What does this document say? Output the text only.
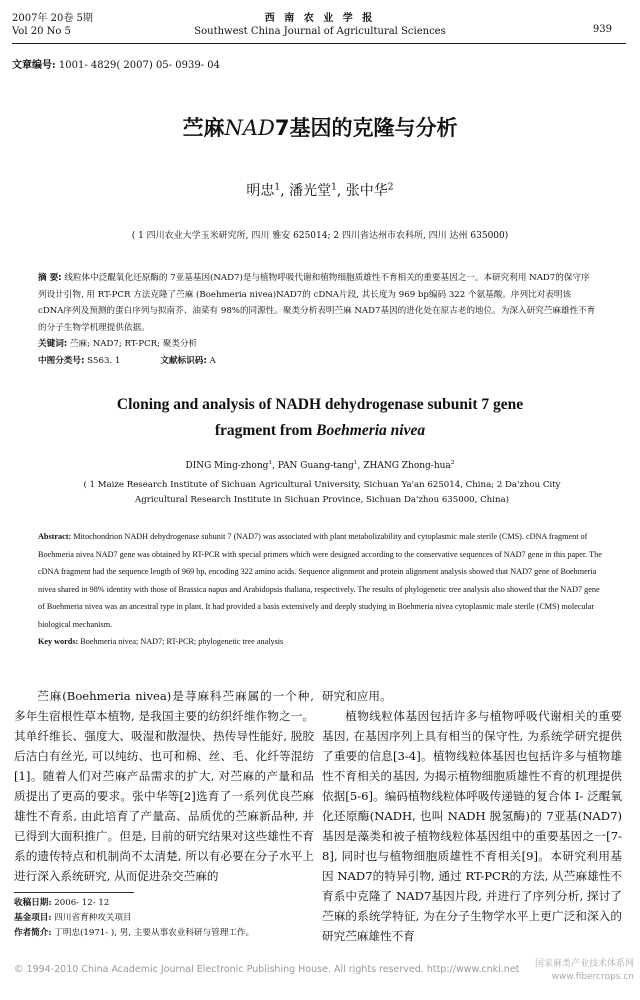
2007年 20卷 5期
Vol 20 No 5
西 南 农 业 学 报
Southwest China Journal of Agricultural Sciences	939
文章编号: 1001- 4829( 2007) 05- 0939- 04
苎麻NAD7基因的克隆与分析
明忠$^1$, 潘光堂$^1$, 张中华$^2$
( 1 四川农业大学玉米研究所, 四川 雅安 625014; 2 四川省达州市农科所, 四川 达州 635000)
摘 要: 线粒体中泛醌氧化还原酶的 7亚基基因(NAD7)是与植物呼吸代谢和植物细胞质雄性不育相关的重要基因之一。本研究利用 NAD7的保守序列设计引物, 用 RT-PCR 方法克隆了苎麻 (Boehmeria nivea)NAD7的 cDNA片段, 其长度为 969 bp编码 322 个氨基酸。序列比对表明该 cDNA序列及预测的蛋白序列与拟南芥、油菜有 98%的同源性。聚类分析表明苎麻 NAD7基因的进化处在原古老的地位。为深入研究苎麻雄性不育的分子生物学机理提供依据。
关键词: 苎麻; NAD7; RT-PCR; 聚类分析
中图分类号: S563. 1	文献标识码: A
Cloning and analysis of NADH dehydrogenase subunit 7 gene
fragment from Boehmeria nivea
DING Ming-zhong$^1$, PAN Guang-tang$^1$, ZHANG Zhong-hua$^2$
( 1 Maize Research Institute of Sichuan Agricultural University, Sichuan Ya'an 625014, China; 2 Da'zhou City Agricultural Research Institute in Sichuan Province, Sichuan Da'zhou 635000, China)
Abstract: Mitochondrion NADH dehydrogenase subunit 7 (NAD7) was associated with plant metabolizability and cytoplasmic male sterile (CMS). cDNA fragment of Boehmeria nivea NAD7 gene was obtained by RT-PCR with special primers which were designed according to the conservative sequences of NAD7 gene in this paper. The cDNA fragment had the sequence length of 969 bp, encoding 322 amino acids. Sequence alignment and protein alignment analysis showed that NAD7 gene of Boehmeria nivea shared in 98% identity with those of Brassica napus and Arabidopsis thaliana, respectively. The results of phylogenetic tree analysis also showed that the NAD7 gene of Boehmeria nivea was an ancestral type in plant. It had provided a basis extensively and deeply studying in Boehmeria nivea cytoplasmic male sterile (CMS) molecular biological mechanism.
Key words: Boehmeria nivea; NAD7; RT-PCR; phylogenetic tree analysis

苎麻(Boehmeria nivea)是荨麻科苎麻属的一个种, 多年生宿根性草本植物, 是我国主要的纺织纤维作物之一。其单纤维长、强度大、吸湿和散湿快、热传导性能好, 脱胶后洁白有丝光, 可以纯纺、也可和棉、丝、毛、化纤等混纺[1]。随着人们对苎麻产品需求的扩大, 对苎麻的产量和品质提出了更高的要求。张中华等[2]选育了一系列优良苎麻雄性不育系, 由此培育了产量高、品质优的苎麻新品种, 并已得到大面积推广。但是, 目前的研究结果对这些雄性不育系的遗传特点和机制尚不太清楚, 所以有必要在分子水平上进行深入系统研究, 从而促进杂交苎麻的

研究和应用。

植物线粒体基因包括许多与植物呼吸代谢相关的重要基因, 在基因序列上具有相当的保守性, 为系统学研究提供了重要的信息[3-4]。植物线粒体基因也包括许多与植物雄性不育相关的基因, 为揭示植物细胞质雄性不育的机理提供依据[5-6]。编码植物线粒体呼吸传递链的复合体 I- 泛醌氧化还原酶(NADH, 也叫 NADH 脱氢酶)的 7亚基(NAD7)基因是藻类和被子植物线粒体基因组中的重要基因之一[7-8], 同时也与植物细胞质雄性不育相关[9]。本研究利用基因 NAD7的特异引物, 通过 RT-PCR的方法, 从苎麻雄性不育系中克隆了 NAD7基因片段, 并进行了序列分析, 探讨了苎麻的系统学特征, 为在分子生物学水平上更广泛和深入的研究苎麻雄性不育

收稿日期: 2006- 12- 12
基金项目: 四川省育种攻关项目
作者简介: 丁明忠(1971- ), 男, 主要从事农业科研与管理工作。
© 1994-2010 China Academic Journal Electronic Publishing House. All rights reserved. http://www.cnki.net 国家麻类产业技术体系网
www.fibercrops.cn
